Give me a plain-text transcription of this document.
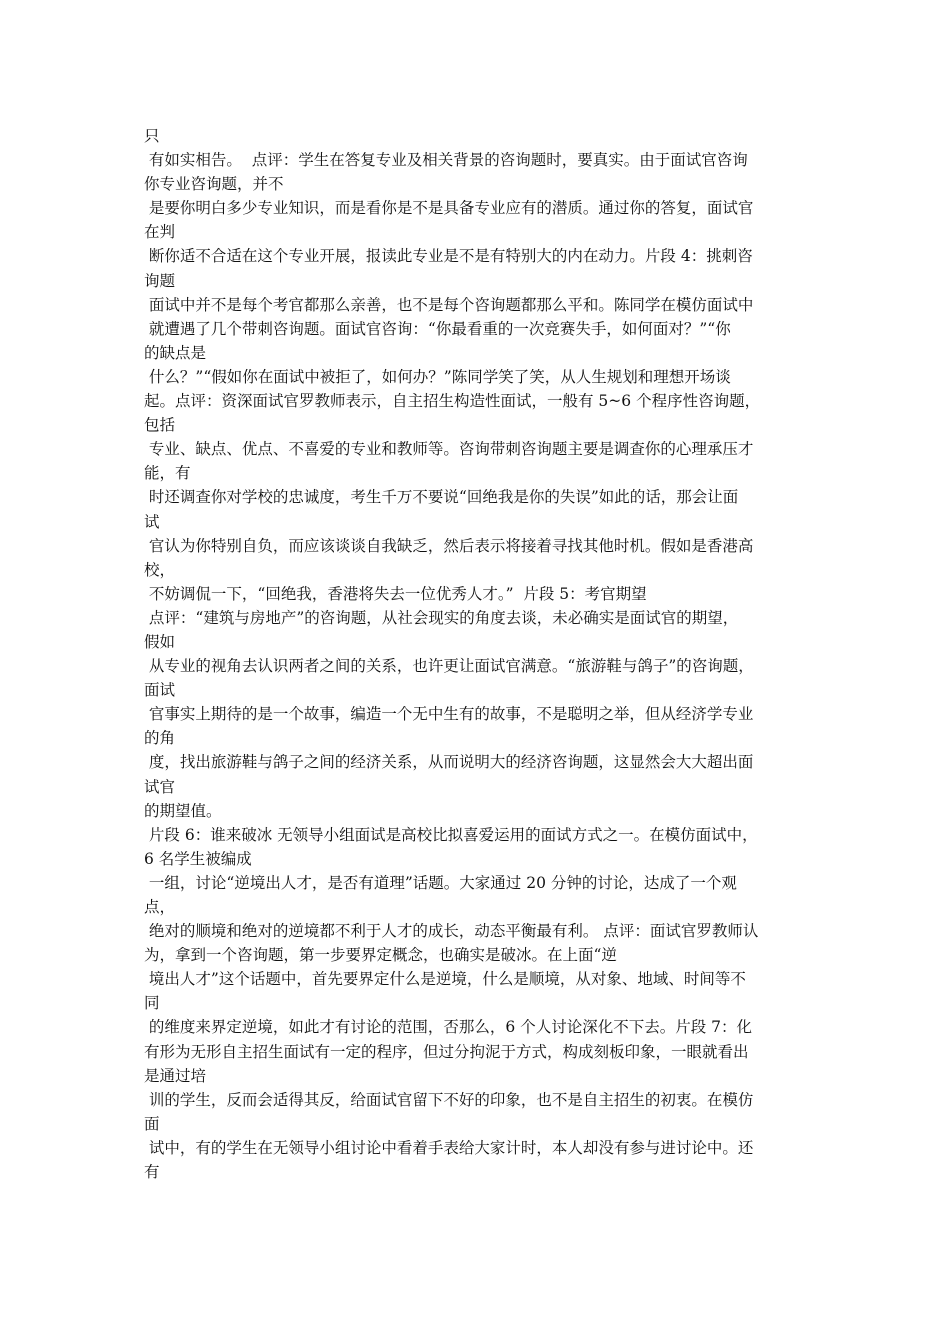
只
有如实相告。  点评：学生在答复专业及相关背景的咨询题时，要真实。由于面试官咨询
你专业咨询题，并不
是要你明白多少专业知识，而是看你是不是具备专业应有的潜质。通过你的答复，面试官
在判
断你适不合适在这个专业开展，报读此专业是不是有特别大的内在动力。片段 4：挑刺咨
询题
面试中并不是每个考官都那么亲善，也不是每个咨询题都那么平和。陈同学在模仿面试中
就遭遇了几个带刺咨询题。面试官咨询：“你最看重的一次竞赛失手，如何面对？”“你
的缺点是
什么？”“假如你在面试中被拒了，如何办？”陈同学笑了笑，从人生规划和理想开场谈
起。点评：资深面试官罗教师表示，自主招生构造性面试，一般有 5~6 个程序性咨询题，
包括
专业、缺点、优点、不喜爱的专业和教师等。咨询带刺咨询题主要是调查你的心理承压才
能，有
时还调查你对学校的忠诚度，考生千万不要说“回绝我是你的失误”如此的话，那会让面
试
官认为你特别自负，而应该谈谈自我缺乏，然后表示将接着寻找其他时机。假如是香港高
校，
不妨调侃一下，“回绝我，香港将失去一位优秀人才。”  片段 5：考官期望
点评：“建筑与房地产”的咨询题，从社会现实的角度去谈，未必确实是面试官的期望，
假如
从专业的视角去认识两者之间的关系，也许更让面试官满意。“旅游鞋与鸽子”的咨询题，
面试
官事实上期待的是一个故事，编造一个无中生有的故事，不是聪明之举，但从经济学专业
的角
度，找出旅游鞋与鸽子之间的经济关系，从而说明大的经济咨询题，这显然会大大超出面
试官
的期望值。
片段 6：谁来破冰 无领导小组面试是高校比拟喜爱运用的面试方式之一。在模仿面试中，
6 名学生被编成
一组，讨论“逆境出人才，是否有道理”话题。大家通过 20 分钟的讨论，达成了一个观
点，
绝对的顺境和绝对的逆境都不利于人才的成长，动态平衡最有利。 点评：面试官罗教师认
为，拿到一个咨询题，第一步要界定概念，也确实是破冰。在上面“逆
境出人才”这个话题中，首先要界定什么是逆境，什么是顺境，从对象、地域、时间等不
同
的维度来界定逆境，如此才有讨论的范围，否那么，6 个人讨论深化不下去。片段 7：化
有形为无形自主招生面试有一定的程序，但过分拘泥于方式，构成刻板印象，一眼就看出
是通过培
训的学生，反而会适得其反，给面试官留下不好的印象，也不是自主招生的初衷。在模仿
面
试中，有的学生在无领导小组讨论中看着手表给大家计时，本人却没有参与进讨论中。还
有
